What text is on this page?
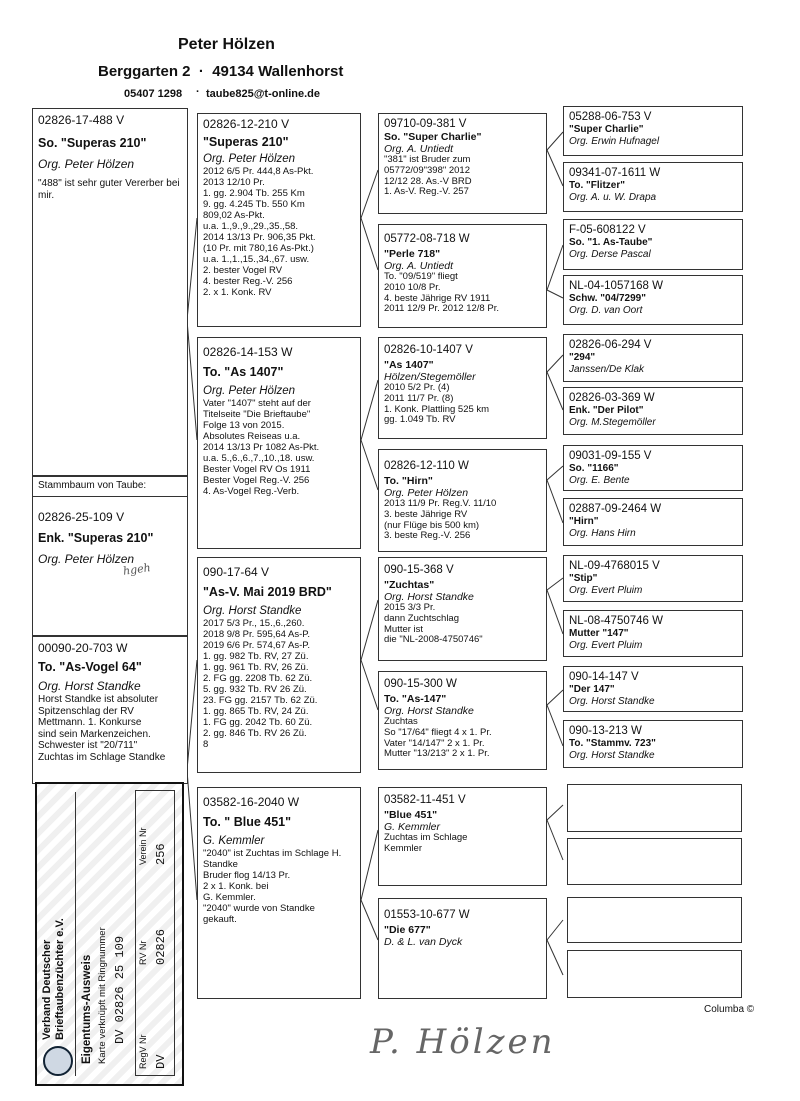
Peter Hölzen
Berggarten 2  ·  49134 Wallenhorst
05407 1298 · taube825@t-online.de
02826-17-488 V
So. "Superas 210"
Org. Peter Hölzen
"488" ist sehr guter Vererber bei
mir.
Stammbaum von Taube:
02826-25-109 V
Enk. "Superas 210"
Org. Peter Hölzen
hgeh
00090-20-703 W
To. "As-Vogel 64"
Org. Horst Standke
Horst Standke ist absoluter
Spitzenschlag der RV
Mettmann. 1. Konkurse
sind sein Markenzeichen.
Schwester ist "20/711"
Zuchtas im Schlage Standke
02826-12-210 V
"Superas 210"
Org. Peter Hölzen
2012 6/5 Pr. 444,8 As-Pkt.
2013 12/10 Pr.
1. gg. 2.904 Tb. 255 Km
9. gg. 4.245 Tb. 550 Km
809,02 As-Pkt.
u.a. 1.,9.,9.,29.,35.,58.
2014 13/13 Pr. 906,35 Pkt.
(10 Pr. mit 780,16 As-Pkt.)
u.a. 1.,1.,15.,34.,67. usw.
2. bester Vogel RV
4. bester Reg.-V. 256
2. x 1. Konk. RV
02826-14-153 W
To. "As 1407"
Org. Peter Hölzen
Vater "1407" steht auf der
Titelseite "Die Brieftaube"
Folge 13 von 2015.
Absolutes Reiseas u.a.
2014 13/13 Pr 1082 As-Pkt.
u.a. 5.,6.,6.,7.,10.,18. usw.
Bester Vogel RV Os 1911
Bester Vogel Reg.-V. 256
4. As-Vogel Reg.-Verb.
090-17-64 V
"As-V. Mai 2019 BRD"
Org. Horst Standke
2017 5/3 Pr., 15.,6.,260.
2018 9/8 Pr. 595,64 As-P.
2019 6/6 Pr. 574,67 As-P.
1. gg. 982 Tb. RV, 27 Zü.
1. gg. 961 Tb. RV, 26 Zü.
2. FG gg. 2208 Tb. 62 Zü.
5. gg. 932 Tb. RV 26 Zü.
23. FG gg. 2157 Tb. 62 Zü.
1. gg. 865 Tb. RV, 24 Zü.
1. FG gg. 2042 Tb. 60 Zü.
2. gg. 846 Tb. RV 26 Zü.
8
03582-16-2040 W
To. " Blue 451"
G. Kemmler
"2040" ist Zuchtas im Schlage H.
Standke
Bruder flog 14/13 Pr.
2 x 1. Konk. bei
G. Kemmler.
"2040" wurde von Standke
gekauft.
09710-09-381 V
So. "Super Charlie"
Org. A. Untiedt
"381" ist Bruder zum
05772/09"398" 2012
12/12 28. As.-V BRD
1. As-V. Reg.-V. 257
05772-08-718 W
"Perle 718"
Org. A. Untiedt
To. "09/519" fliegt
2010 10/8 Pr.
4. beste Jährige RV 1911
2011 12/9 Pr. 2012 12/8 Pr.
02826-10-1407 V
"As 1407"
Hölzen/Stegemöller
2010 5/2 Pr. (4)
2011 11/7 Pr. (8)
1. Konk. Plattling 525 km
gg. 1.049 Tb. RV
02826-12-110 W
To. "Hirn"
Org. Peter Hölzen
2013 11/9 Pr. Reg.V. 11/10
3. beste Jährige RV
(nur Flüge bis 500 km)
3. beste Reg.-V. 256
090-15-368 V
"Zuchtas"
Org. Horst Standke
2015 3/3 Pr.
dann Zuchtschlag
Mutter ist
die "NL-2008-4750746"
090-15-300 W
To. "As-147"
Org. Horst Standke
Zuchtas
So "17/64" fliegt 4 x 1. Pr.
Vater "14/147" 2 x 1. Pr.
Mutter "13/213" 2 x 1. Pr.
03582-11-451 V
"Blue 451"
G. Kemmler
Zuchtas im Schlage
Kemmler
01553-10-677 W
"Die 677"
D. & L. van Dyck
05288-06-753 V
"Super Charlie"
Org. Erwin Hufnagel
09341-07-1611 W
To. "Flitzer"
Org. A. u. W. Drapa
F-05-608122 V
So. "1. As-Taube"
Org. Derse Pascal
NL-04-1057168 W
Schw. "04/7299"
Org. D. van Oort
02826-06-294 V
"294"
Janssen/De Klak
02826-03-369 W
Enk. "Der Pilot"
Org. M.Stegemöller
09031-09-155 V
So. "1166"
Org. E. Bente
02887-09-2464 W
"Hirn"
Org. Hans Hirn
NL-09-4768015 V
"Stip"
Org. Evert Pluim
NL-08-4750746 W
Mutter "147"
Org. Evert Pluim
090-14-147 V
"Der 147"
Org. Horst Standke
090-13-213 W
To. "Stammv. 723"
Org. Horst Standke
Verband Deutscher Brieftaubenzüchter e.V. Eigentums-Ausweis Karte verknüpft mit Ringnummer DV 02826 25 109
RegV Nr
RV Nr
Verein Nr
DV
02826
256
Columba ©
P. Hölzen
